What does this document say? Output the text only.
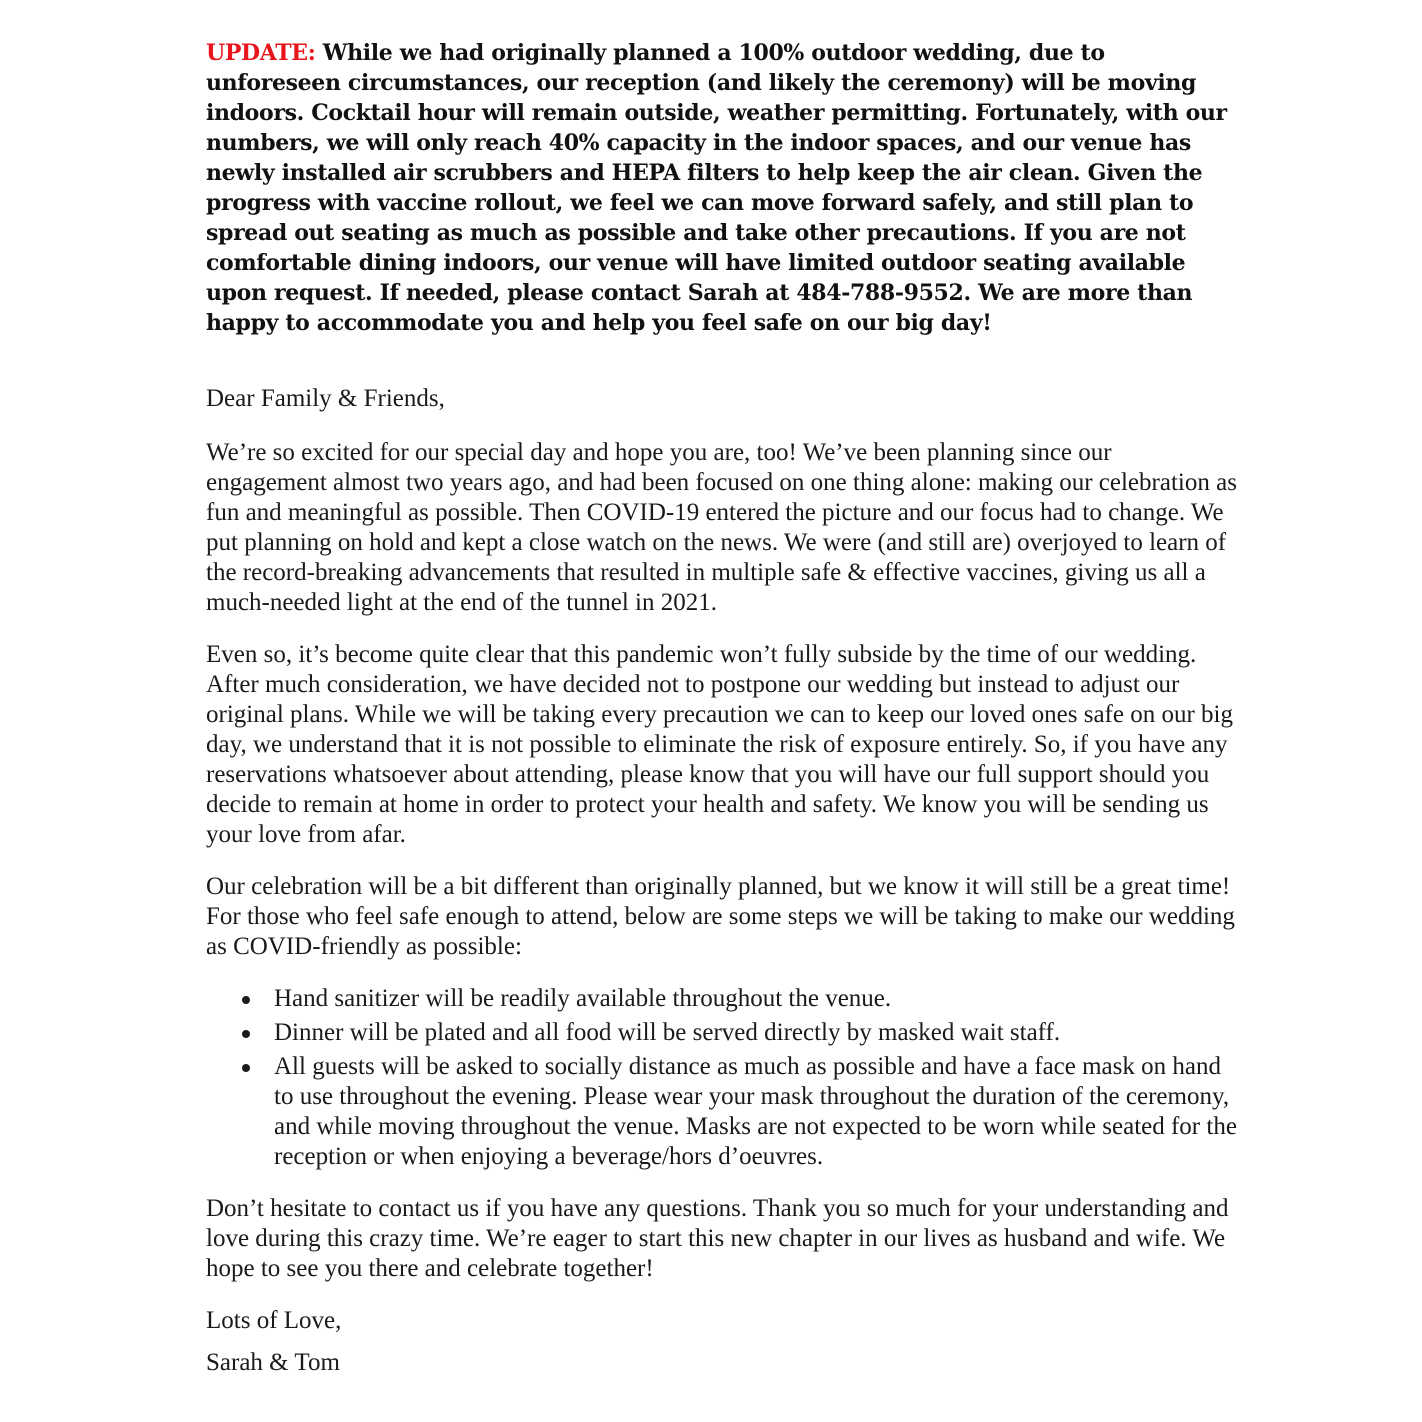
UPDATE: While we had originally planned a 100% outdoor wedding, due to unforeseen circumstances, our reception (and likely the ceremony) will be moving indoors. Cocktail hour will remain outside, weather permitting. Fortunately, with our numbers, we will only reach 40% capacity in the indoor spaces, and our venue has newly installed air scrubbers and HEPA filters to help keep the air clean. Given the progress with vaccine rollout, we feel we can move forward safely, and still plan to spread out seating as much as possible and take other precautions. If you are not comfortable dining indoors, our venue will have limited outdoor seating available upon request. If needed, please contact Sarah at 484-788-9552. We are more than happy to accommodate you and help you feel safe on our big day!

Dear Family & Friends,

We’re so excited for our special day and hope you are, too! We’ve been planning since our engagement almost two years ago, and had been focused on one thing alone: making our celebration as fun and meaningful as possible. Then COVID-19 entered the picture and our focus had to change. We put planning on hold and kept a close watch on the news. We were (and still are) overjoyed to learn of the record-breaking advancements that resulted in multiple safe & effective vaccines, giving us all a much-needed light at the end of the tunnel in 2021.

Even so, it’s become quite clear that this pandemic won’t fully subside by the time of our wedding. After much consideration, we have decided not to postpone our wedding but instead to adjust our original plans. While we will be taking every precaution we can to keep our loved ones safe on our big day, we understand that it is not possible to eliminate the risk of exposure entirely. So, if you have any reservations whatsoever about attending, please know that you will have our full support should you decide to remain at home in order to protect your health and safety. We know you will be sending us your love from afar.

Our celebration will be a bit different than originally planned, but we know it will still be a great time! For those who feel safe enough to attend, below are some steps we will be taking to make our wedding as COVID-friendly as possible:

Hand sanitizer will be readily available throughout the venue.
Dinner will be plated and all food will be served directly by masked wait staff.
All guests will be asked to socially distance as much as possible and have a face mask on hand to use throughout the evening. Please wear your mask throughout the duration of the ceremony, and while moving throughout the venue. Masks are not expected to be worn while seated for the reception or when enjoying a beverage/hors d’oeuvres.

Don’t hesitate to contact us if you have any questions. Thank you so much for your understanding and love during this crazy time. We’re eager to start this new chapter in our lives as husband and wife. We hope to see you there and celebrate together!

Lots of Love,

Sarah & Tom
